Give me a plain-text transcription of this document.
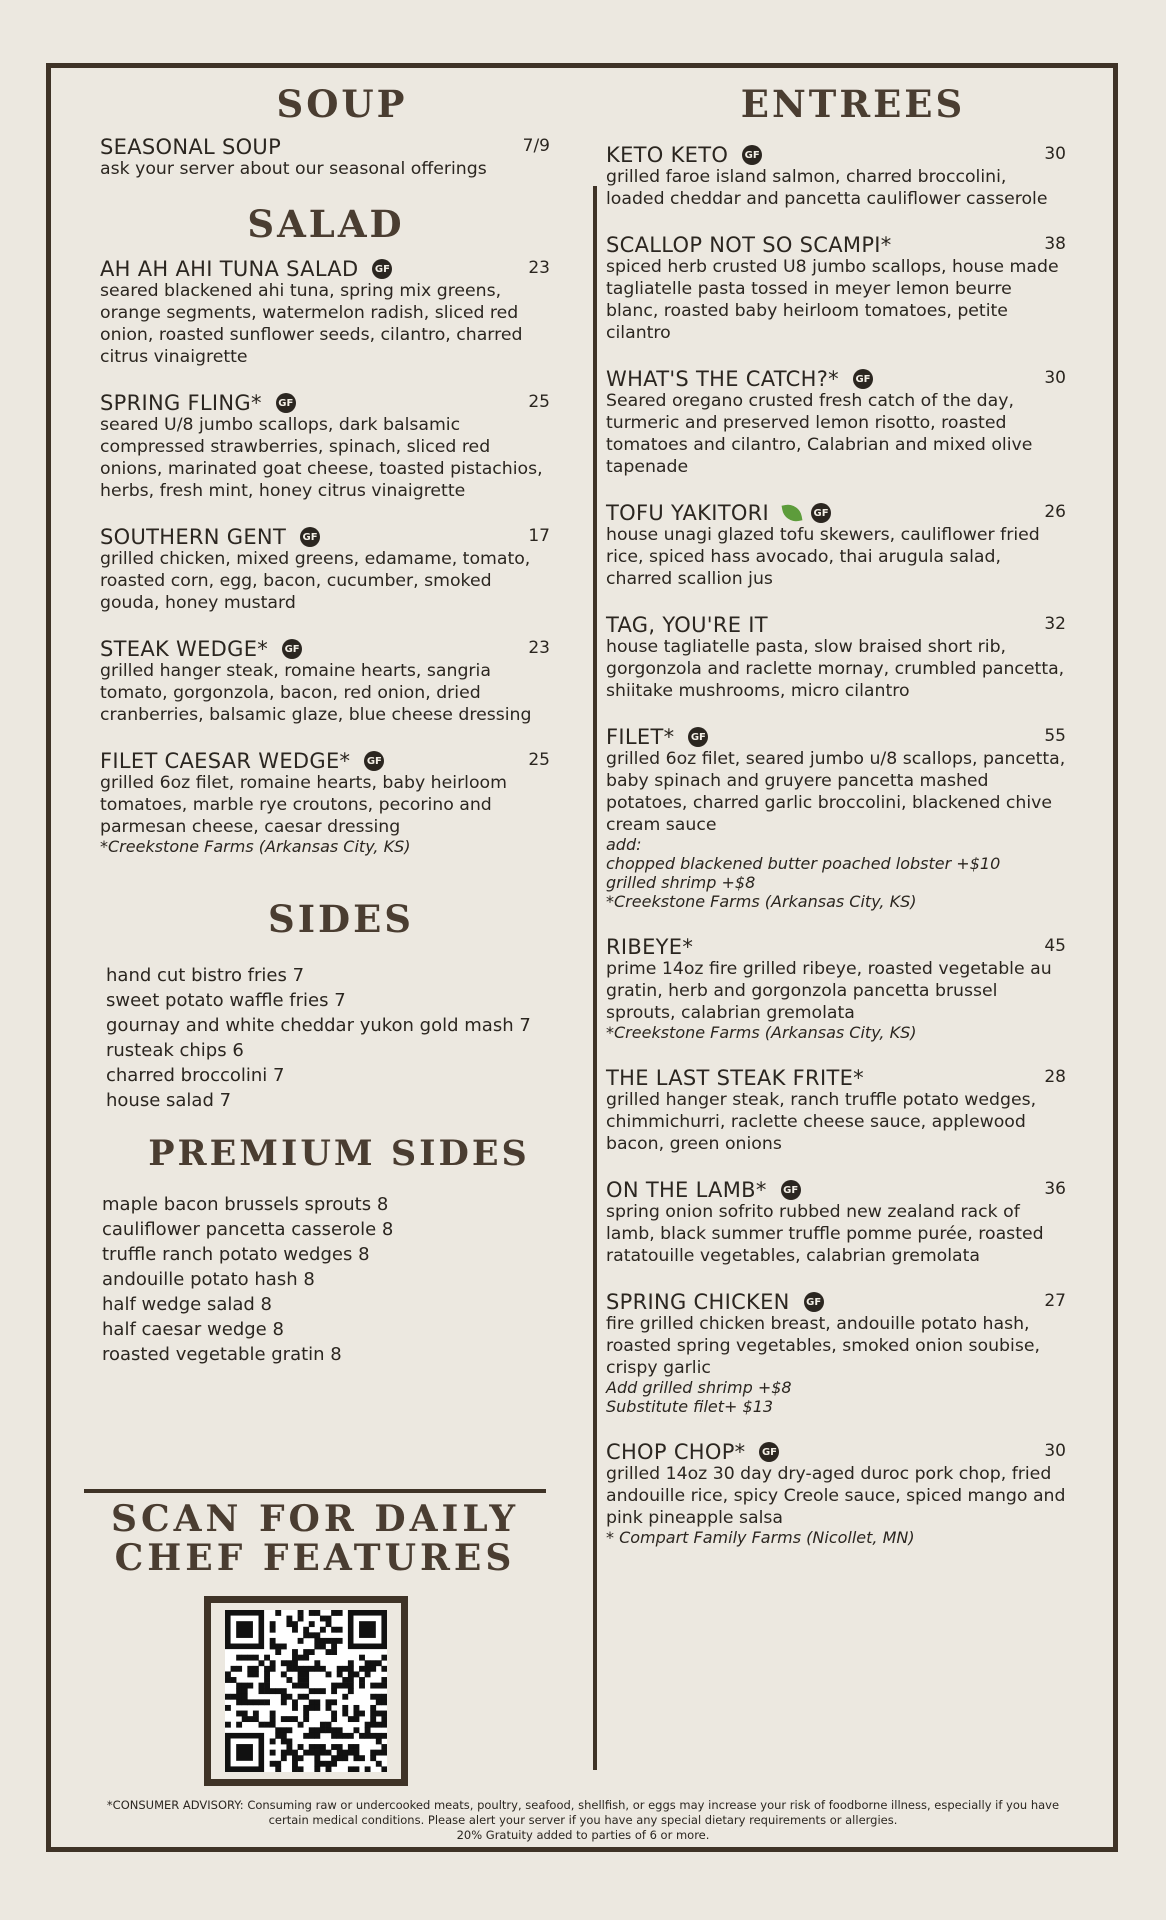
SOUP
SEASONAL SOUP	7/9
ask your server about our seasonal offerings
SALAD
AH AH AHI TUNA SALAD GF	23
seared blackened ahi tuna, spring mix greens, orange segments, watermelon radish, sliced red onion, roasted sunflower seeds, cilantro, charred citrus vinaigrette
SPRING FLING* GF	25
seared U/8 jumbo scallops, dark balsamic compressed strawberries, spinach, sliced red onions, marinated goat cheese, toasted pistachios, herbs, fresh mint, honey citrus vinaigrette
SOUTHERN GENT GF	17
grilled chicken, mixed greens, edamame, tomato, roasted corn, egg, bacon, cucumber, smoked gouda, honey mustard
STEAK WEDGE* GF	23
grilled hanger steak, romaine hearts, sangria tomato, gorgonzola, bacon, red onion, dried cranberries, balsamic glaze, blue cheese dressing
FILET CAESAR WEDGE* GF	25
grilled 6oz filet, romaine hearts, baby heirloom tomatoes, marble rye croutons, pecorino and parmesan cheese, caesar dressing
*Creekstone Farms (Arkansas City, KS)
SIDES
hand cut bistro fries 7
sweet potato waffle fries 7
gournay and white cheddar yukon gold mash 7
rusteak chips 6
charred broccolini 7
house salad 7
PREMIUM SIDES
maple bacon brussels sprouts 8
cauliflower pancetta casserole 8
truffle ranch potato wedges 8
andouille potato hash 8
half wedge salad 8
half caesar wedge 8
roasted vegetable gratin 8
SCAN FOR DAILY
CHEF FEATURES
ENTREES
KETO KETO GF	30
grilled faroe island salmon, charred broccolini, loaded cheddar and pancetta cauliflower casserole
SCALLOP NOT SO SCAMPI*	38
spiced herb crusted U8 jumbo scallops, house made tagliatelle pasta tossed in meyer lemon beurre blanc, roasted baby heirloom tomatoes, petite cilantro
WHAT'S THE CATCH?* GF	30
Seared oregano crusted fresh catch of the day, turmeric and preserved lemon risotto, roasted tomatoes and cilantro, Calabrian and mixed olive tapenade
TOFU YAKITORI	GF	26
house unagi glazed tofu skewers, cauliflower fried rice, spiced hass avocado, thai arugula salad, charred scallion jus
TAG, YOU'RE IT	32
house tagliatelle pasta, slow braised short rib, gorgonzola and raclette mornay, crumbled pancetta, shiitake mushrooms, micro cilantro
FILET* GF	55
grilled 6oz filet, seared jumbo u/8 scallops, pancetta, baby spinach and gruyere pancetta mashed potatoes, charred garlic broccolini, blackened chive cream sauce
add:
chopped blackened butter poached lobster +$10
grilled shrimp +$8
*Creekstone Farms (Arkansas City, KS)
RIBEYE*	45
prime 14oz fire grilled ribeye, roasted vegetable au gratin, herb and gorgonzola pancetta brussel sprouts, calabrian gremolata
*Creekstone Farms (Arkansas City, KS)
THE LAST STEAK FRITE*	28
grilled hanger steak, ranch truffle potato wedges, chimmichurri, raclette cheese sauce, applewood bacon, green onions
ON THE LAMB* GF	36
spring onion sofrito rubbed new zealand rack of lamb, black summer truffle pomme purée, roasted ratatouille vegetables, calabrian gremolata
SPRING CHICKEN GF	27
fire grilled chicken breast, andouille potato hash, roasted spring vegetables, smoked onion soubise, crispy garlic
Add grilled shrimp +$8
Substitute filet+ $13
CHOP CHOP* GF	30
grilled 14oz 30 day dry-aged duroc pork chop, fried andouille rice, spicy Creole sauce, spiced mango and pink pineapple salsa
* Compart Family Farms (Nicollet, MN)
*CONSUMER ADVISORY: Consuming raw or undercooked meats, poultry, seafood, shellfish, or eggs may increase your risk of foodborne illness, especially if you have
certain medical conditions. Please alert your server if you have any special dietary requirements or allergies.
20% Gratuity added to parties of 6 or more.
